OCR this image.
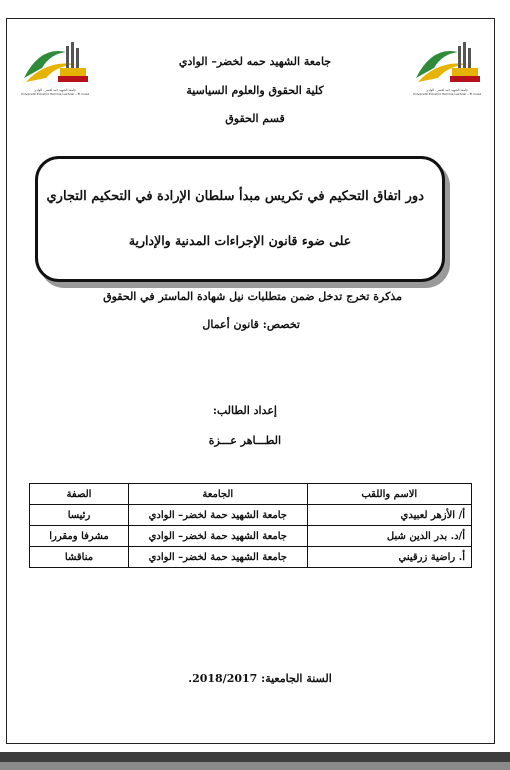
جامعة الشهيد حمه لخضر - الوادي
Université Echahid Hamma Lakhdar - El Oued
جامعة الشهيد حمه لخضر - الوادي
Université Echahid Hamma Lakhdar - El Oued
جامعة الشهيد حمه لخضر– الوادي
كلية الحقوق والعلوم السياسية
قسم الحقوق
دور اتفاق التحكيم في تكريس مبدأ سلطان الإرادة في التحكيم التجاري
على ضوء قانون الإجراءات المدنية والإدارية
مذكرة تخرج تدخل ضمن متطلبات نيل شهادة الماستر في الحقوق
تخصص: قانون أعمال
إعداد الطالب:
الطـــاهر عـــزة
الاسم واللقب	الجامعة	الصفة
أ/ الأزهر لعبيدي	جامعة الشهيد حمة لخضر– الوادي	رئيسا
أ/د. بدر الدين شبل	جامعة الشهيد حمة لخضر– الوادي	مشرفا ومقررا
أ. راضية زرقيني	جامعة الشهيد حمة لخضر– الوادي	مناقشا
السنة الجامعية: 2018/2017.
